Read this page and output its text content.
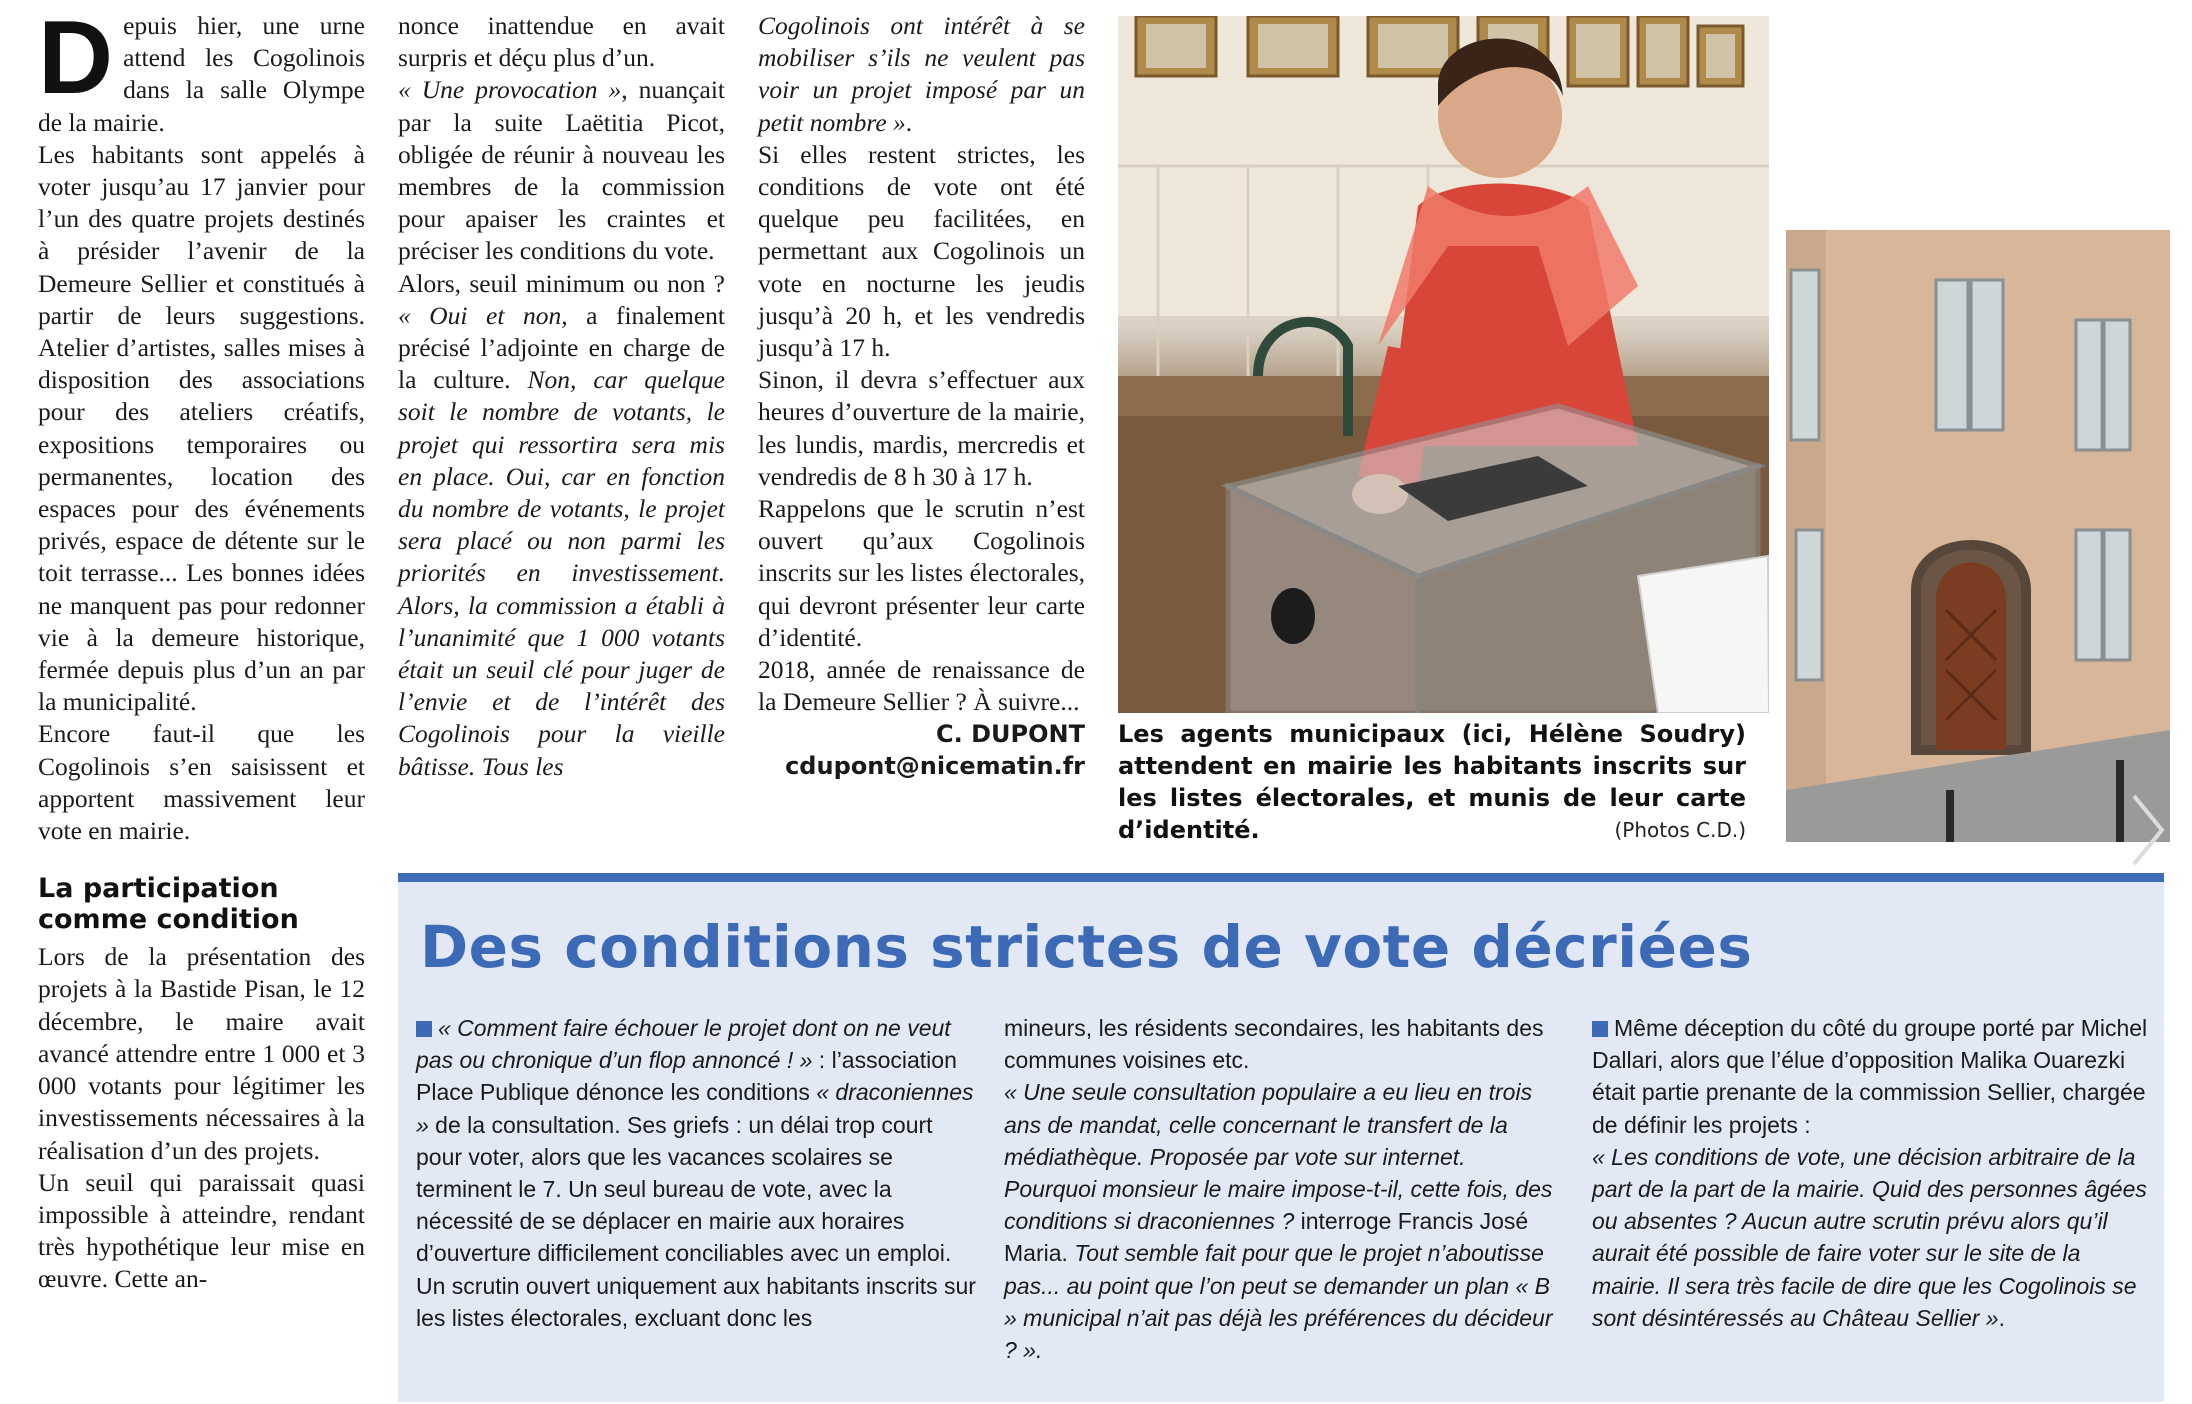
Depuis hier, une urne attend les Cogolinois dans la salle Olympe de la mairie.

Les habitants sont appelés à voter jusqu’au 17 janvier pour l’un des quatre projets destinés à présider l’avenir de la Demeure Sellier et constitués à partir de leurs suggestions. Atelier d’artistes, salles mises à disposition des associations pour des ateliers créatifs, expositions temporaires ou permanentes, location des espaces pour des événements privés, espace de détente sur le toit terrasse... Les bonnes idées ne manquent pas pour redonner vie à la demeure historique, fermée depuis plus d’un an par la municipalité.

Encore faut-il que les Cogolinois s’en saisissent et apportent massivement leur vote en mairie.

La participation comme condition

Lors de la présentation des projets à la Bastide Pisan, le 12 décembre, le maire avait avancé attendre entre 1 000 et 3 000 votants pour légitimer les investissements nécessaires à la réalisation d’un des projets.

Un seuil qui paraissait quasi impossible à atteindre, rendant très hypothétique leur mise en œuvre. Cette an-

nonce inattendue en avait surpris et déçu plus d’un.

« Une provocation », nuançait par la suite Laëtitia Picot, obligée de réunir à nouveau les membres de la commission pour apaiser les craintes et préciser les conditions du vote.

Alors, seuil minimum ou non ? « Oui et non, a finalement précisé l’adjointe en charge de la culture. Non, car quelque soit le nombre de votants, le projet qui ressortira sera mis en place. Oui, car en fonction du nombre de votants, le projet sera placé ou non parmi les priorités en investissement. Alors, la commission a établi à l’unanimité que 1 000 votants était un seuil clé pour juger de l’envie et de l’intérêt des Cogolinois pour la vieille bâtisse. Tous les

Cogolinois ont intérêt à se mobiliser s’ils ne veulent pas voir un projet imposé par un petit nombre ».

Si elles restent strictes, les conditions de vote ont été quelque peu facilitées, en permettant aux Cogolinois un vote en nocturne les jeudis jusqu’à 20 h, et les vendredis jusqu’à 17 h.

Sinon, il devra s’effectuer aux heures d’ouverture de la mairie, les lundis, mardis, mercredis et vendredis de 8 h 30 à 17 h.

Rappelons que le scrutin n’est ouvert qu’aux Cogolinois inscrits sur les listes électorales, qui devront présenter leur carte d’identité.

2018, année de renaissance de la Demeure Sellier ? À suivre...

C. DUPONT
cdupont@nicematin.fr
Les agents municipaux (ici, Hélène Soudry) attendent en mairie les habitants inscrits sur les listes électorales, et munis de leur carte d’identité.	(Photos C.D.)
Des conditions strictes de vote décriées
« Comment faire échouer le projet dont on ne veut pas ou chronique d’un flop annoncé ! » : l’association Place Publique dénonce les conditions « draconiennes » de la consultation. Ses griefs : un délai trop court pour voter, alors que les vacances scolaires se terminent le 7. Un seul bureau de vote, avec la nécessité de se déplacer en mairie aux horaires d’ouverture difficilement conciliables avec un emploi. Un scrutin ouvert uniquement aux habitants inscrits sur les listes électorales, excluant donc les
mineurs, les résidents secondaires, les habitants des communes voisines etc.
« Une seule consultation populaire a eu lieu en trois ans de mandat, celle concernant le transfert de la médiathèque. Proposée par vote sur internet. Pourquoi monsieur le maire impose-t-il, cette fois, des conditions si draconiennes ? interroge Francis José Maria. Tout semble fait pour que le projet n’aboutisse pas... au point que l’on peut se demander un plan « B » municipal n’ait pas déjà les préférences du décideur ? ».
Même déception du côté du groupe porté par Michel Dallari, alors que l’élue d’opposition Malika Ouarezki était partie prenante de la commission Sellier, chargée de définir les projets :
« Les conditions de vote, une décision arbitraire de la part de la part de la mairie. Quid des personnes âgées ou absentes ? Aucun autre scrutin prévu alors qu’il aurait été possible de faire voter sur le site de la mairie. Il sera très facile de dire que les Cogolinois se sont désintéressés au Château Sellier ».
